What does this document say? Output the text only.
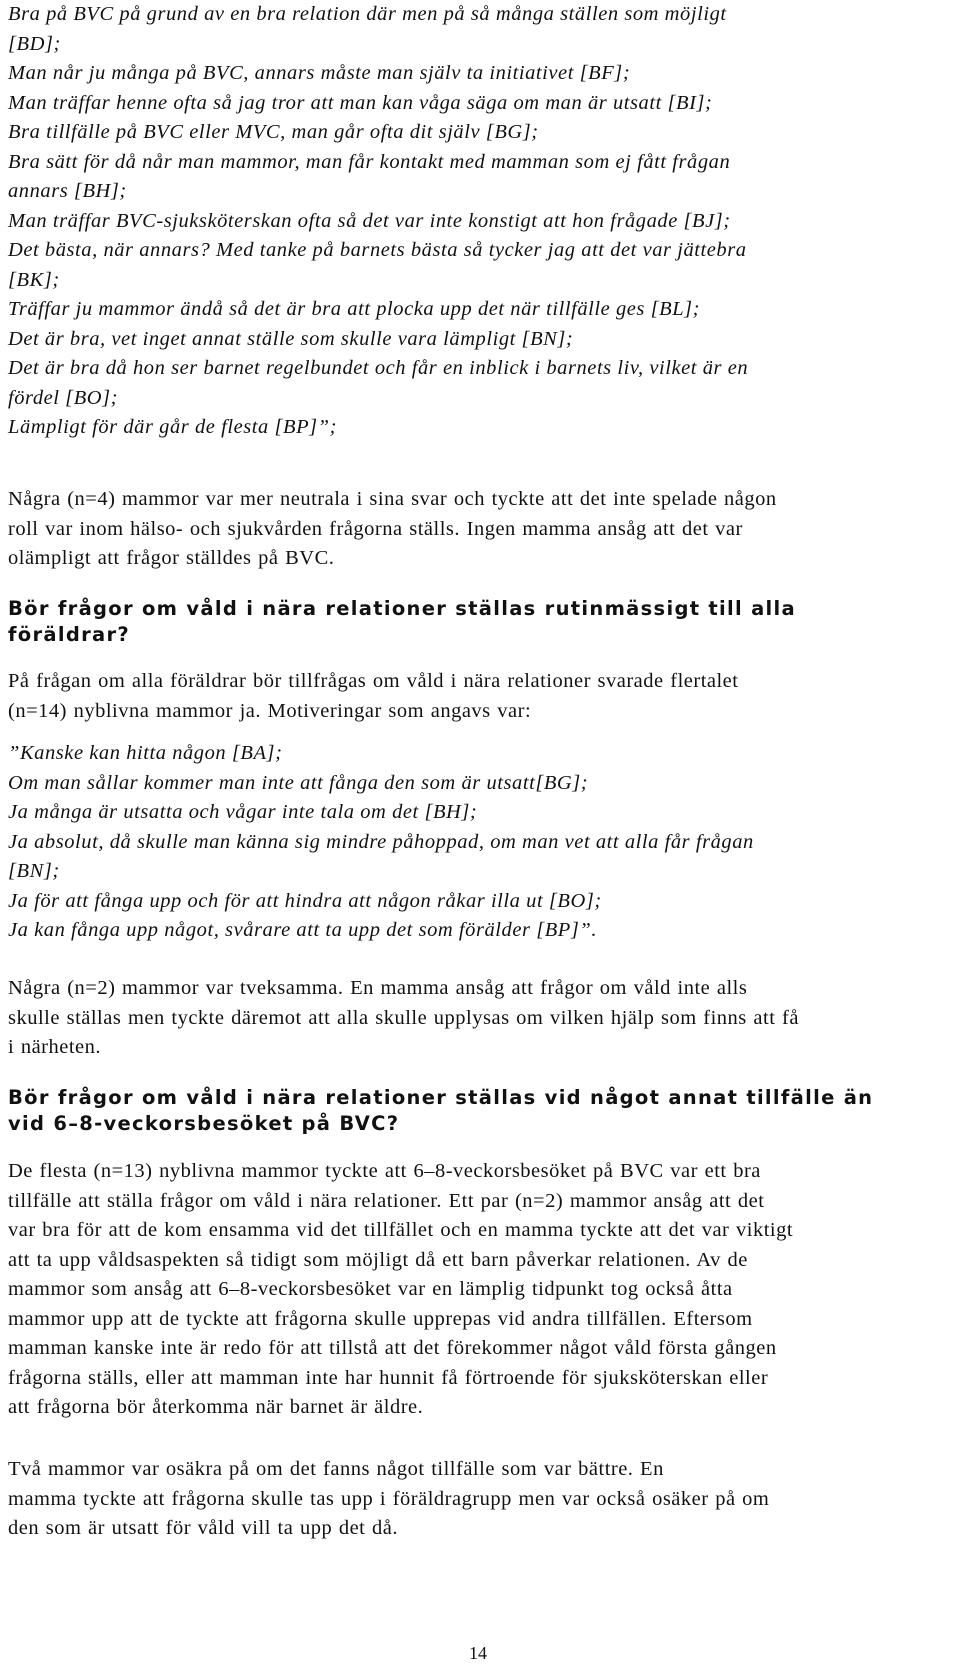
Bra på BVC på grund av en bra relation där men på så många ställen som möjligt

[BD];

Man når ju många på BVC, annars måste man själv ta initiativet [BF];

Man träffar henne ofta så jag tror att man kan våga säga om man är utsatt [BI];

Bra tillfälle på BVC eller MVC, man går ofta dit själv [BG];

Bra sätt för då når man mammor, man får kontakt med mamman som ej fått frågan

annars [BH];

Man träffar BVC-sjuksköterskan ofta så det var inte konstigt att hon frågade [BJ];

Det bästa, när annars? Med tanke på barnets bästa så tycker jag att det var jättebra

[BK];

Träffar ju mammor ändå så det är bra att plocka upp det när tillfälle ges [BL];

Det är bra, vet inget annat ställe som skulle vara lämpligt [BN];

Det är bra då hon ser barnet regelbundet och får en inblick i barnets liv, vilket är en

fördel [BO];

Lämpligt för där går de flesta [BP]”;

Några (n=4) mammor var mer neutrala i sina svar och tyckte att det inte spelade någon

roll var inom hälso- och sjukvården frågorna ställs. Ingen mamma ansåg att det var

olämpligt att frågor ställdes på BVC.

Bör frågor om våld i nära relationer ställas rutinmässigt till alla

föräldrar?

På frågan om alla föräldrar bör tillfrågas om våld i nära relationer svarade flertalet

(n=14) nyblivna mammor ja. Motiveringar som angavs var:

”Kanske kan hitta någon [BA];

Om man sållar kommer man inte att fånga den som är utsatt[BG];

Ja många är utsatta och vågar inte tala om det [BH];

Ja absolut, då skulle man känna sig mindre påhoppad, om man vet att alla får frågan

[BN];

Ja för att fånga upp och för att hindra att någon råkar illa ut [BO];

Ja kan fånga upp något, svårare att ta upp det som förälder [BP]”.

Några (n=2) mammor var tveksamma. En mamma ansåg att frågor om våld inte alls

skulle ställas men tyckte däremot att alla skulle upplysas om vilken hjälp som finns att få

i närheten.

Bör frågor om våld i nära relationer ställas vid något annat tillfälle än

vid 6–8-veckorsbesöket på BVC?

De flesta (n=13) nyblivna mammor tyckte att 6–8-veckorsbesöket på BVC var ett bra

tillfälle att ställa frågor om våld i nära relationer. Ett par (n=2) mammor ansåg att det

var bra för att de kom ensamma vid det tillfället och en mamma tyckte att det var viktigt

att ta upp våldsaspekten så tidigt som möjligt då ett barn påverkar relationen. Av de

mammor som ansåg att 6–8-veckorsbesöket var en lämplig tidpunkt tog också åtta

mammor upp att de tyckte att frågorna skulle upprepas vid andra tillfällen. Eftersom

mamman kanske inte är redo för att tillstå att det förekommer något våld första gången

frågorna ställs, eller att mamman inte har hunnit få förtroende för sjuksköterskan eller

att frågorna bör återkomma när barnet är äldre.

Två mammor var osäkra på om det fanns något tillfälle som var bättre. En

mamma tyckte att frågorna skulle tas upp i föräldragrupp men var också osäker på om

den som är utsatt för våld vill ta upp det då.

14
